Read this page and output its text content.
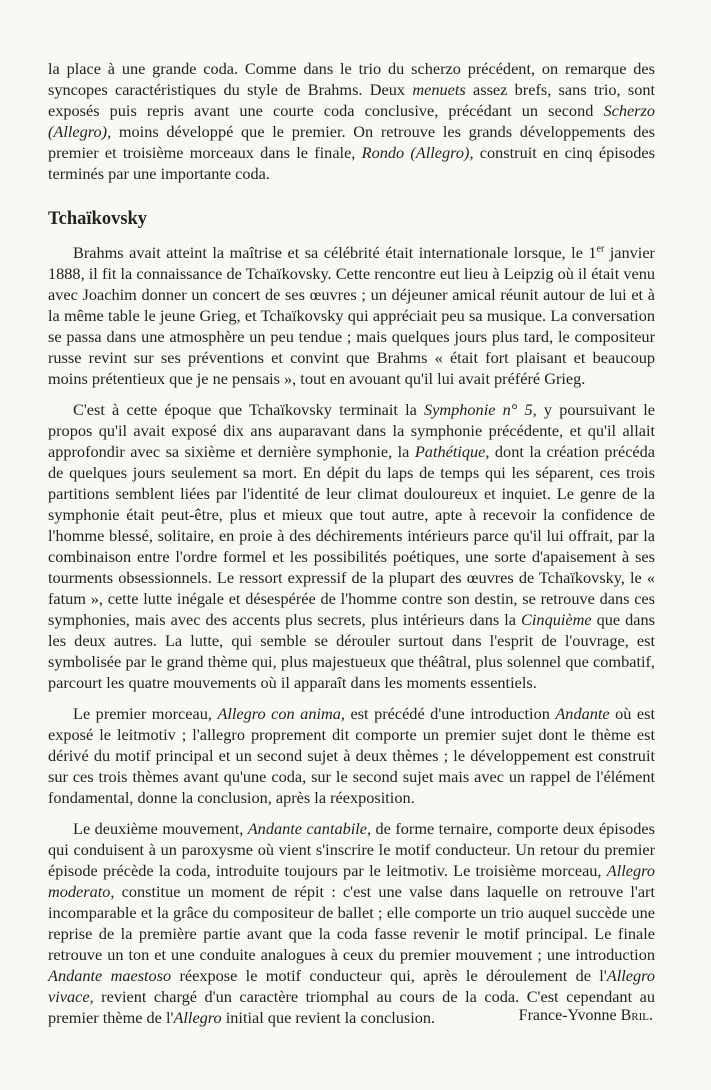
la place à une grande coda. Comme dans le trio du scherzo précédent, on remarque des syncopes caractéristiques du style de Brahms. Deux menuets assez brefs, sans trio, sont exposés puis repris avant une courte coda conclusive, précédant un second Scherzo (Allegro), moins développé que le premier. On retrouve les grands développements des premier et troisième morceaux dans le finale, Rondo (Allegro), construit en cinq épisodes terminés par une importante coda.

Tchaïkovsky

Brahms avait atteint la maîtrise et sa célébrité était internationale lorsque, le 1er janvier 1888, il fit la connaissance de Tchaïkovsky. Cette rencontre eut lieu à Leipzig où il était venu avec Joachim donner un concert de ses œuvres ; un déjeuner amical réunit autour de lui et à la même table le jeune Grieg, et Tchaïkovsky qui appréciait peu sa musique. La conversation se passa dans une atmosphère un peu tendue ; mais quelques jours plus tard, le compositeur russe revint sur ses préventions et convint que Brahms « était fort plaisant et beaucoup moins prétentieux que je ne pensais », tout en avouant qu'il lui avait préféré Grieg.

C'est à cette époque que Tchaïkovsky terminait la Symphonie n° 5, y poursuivant le propos qu'il avait exposé dix ans auparavant dans la symphonie précédente, et qu'il allait approfondir avec sa sixième et dernière symphonie, la Pathétique, dont la création précéda de quelques jours seulement sa mort. En dépit du laps de temps qui les séparent, ces trois partitions semblent liées par l'identité de leur climat douloureux et inquiet. Le genre de la symphonie était peut-être, plus et mieux que tout autre, apte à recevoir la confidence de l'homme blessé, solitaire, en proie à des déchirements intérieurs parce qu'il lui offrait, par la combinaison entre l'ordre formel et les possibilités poétiques, une sorte d'apaisement à ses tourments obsessionnels. Le ressort expressif de la plupart des œuvres de Tchaïkovsky, le « fatum », cette lutte inégale et désespérée de l'homme contre son destin, se retrouve dans ces symphonies, mais avec des accents plus secrets, plus intérieurs dans la Cinquième que dans les deux autres. La lutte, qui semble se dérouler surtout dans l'esprit de l'ouvrage, est symbolisée par le grand thème qui, plus majestueux que théâtral, plus solennel que combatif, parcourt les quatre mouvements où il apparaît dans les moments essentiels.

Le premier morceau, Allegro con anima, est précédé d'une introduction Andante où est exposé le leitmotiv ; l'allegro proprement dit comporte un premier sujet dont le thème est dérivé du motif principal et un second sujet à deux thèmes ; le développement est construit sur ces trois thèmes avant qu'une coda, sur le second sujet mais avec un rappel de l'élément fondamental, donne la conclusion, après la réexposition.

Le deuxième mouvement, Andante cantabile, de forme ternaire, comporte deux épisodes qui conduisent à un paroxysme où vient s'inscrire le motif conducteur. Un retour du premier épisode précède la coda, introduite toujours par le leitmotiv. Le troisième morceau, Allegro moderato, constitue un moment de répit : c'est une valse dans laquelle on retrouve l'art incomparable et la grâce du compositeur de ballet ; elle comporte un trio auquel succède une reprise de la première partie avant que la coda fasse revenir le motif principal. Le finale retrouve un ton et une conduite analogues à ceux du premier mouvement ; une introduction Andante maestoso réexpose le motif conducteur qui, après le déroulement de l'Allegro vivace, revient chargé d'un caractère triomphal au cours de la coda. C'est cependant au premier thème de l'Allegro initial que revient la conclusion.	France-Yvonne Bril.
